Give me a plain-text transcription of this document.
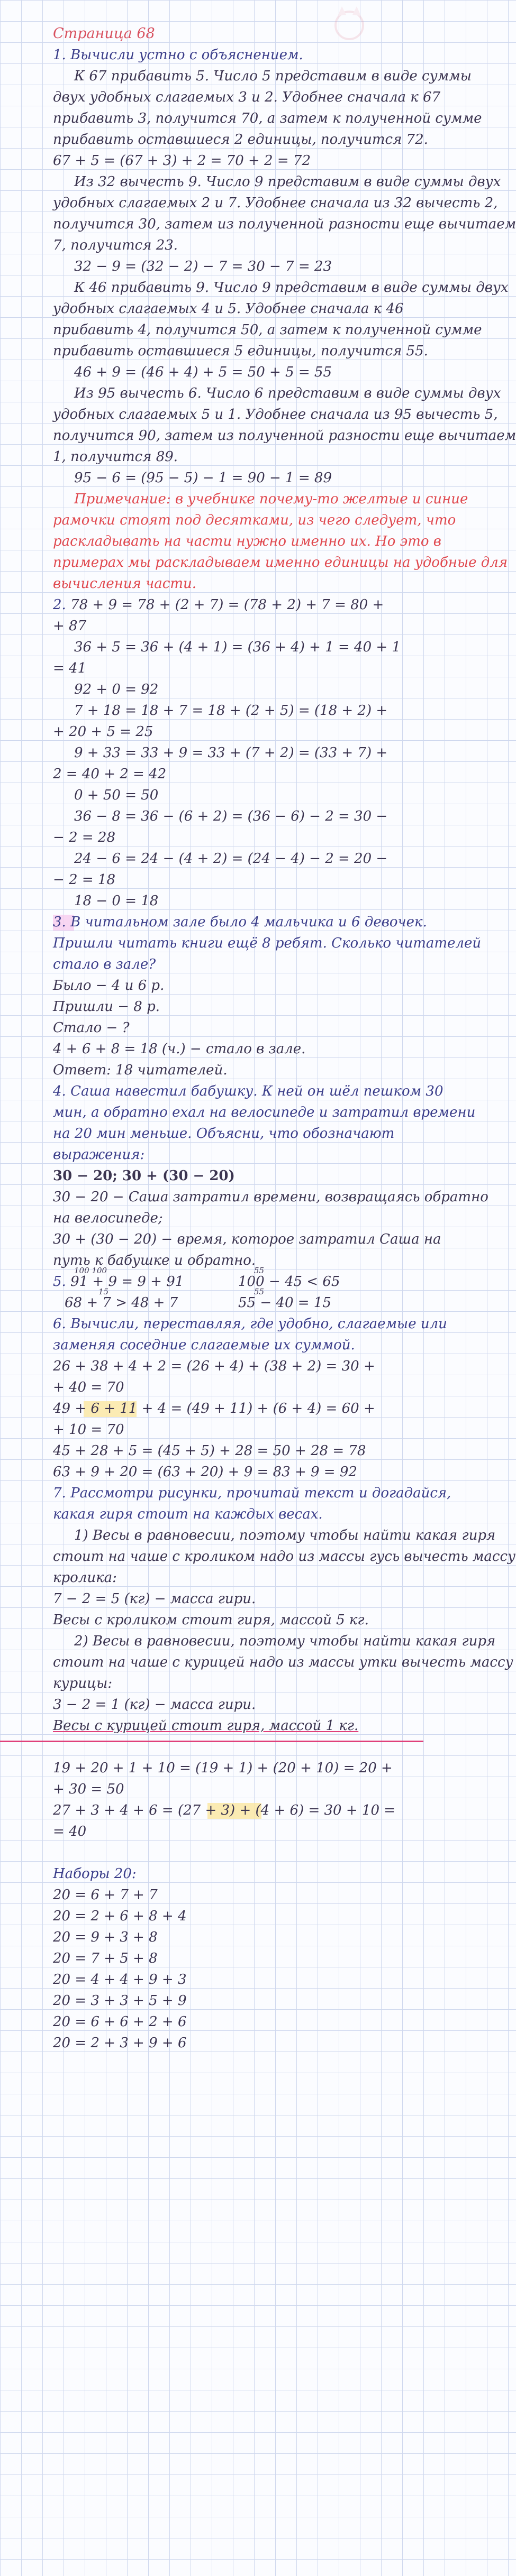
Страница 68
1. Вычисли устно с объяснением.
К 67 прибавить 5. Число 5 представим в виде суммы
двух удобных слагаемых 3 и 2. Удобнее сначала к 67
прибавить 3, получится 70, а затем к полученной сумме
прибавить оставшиеся 2 единицы, получится 72.
67 + 5 = (67 + 3) + 2 = 70 + 2 = 72
Из 32 вычесть 9. Число 9 представим в виде суммы двух
удобных слагаемых 2 и 7. Удобнее сначала из 32 вычесть 2,
получится 30, затем из полученной разности еще вычитаем
7, получится 23.
32 − 9 = (32 − 2) − 7 = 30 − 7 = 23
К 46 прибавить 9. Число 9 представим в виде суммы двух
удобных слагаемых 4 и 5. Удобнее сначала к 46
прибавить 4, получится 50, а затем к полученной сумме
прибавить оставшиеся 5 единицы, получится 55.
46 + 9 = (46 + 4) + 5 = 50 + 5 = 55
Из 95 вычесть 6. Число 6 представим в виде суммы двух
удобных слагаемых 5 и 1. Удобнее сначала из 95 вычесть 5,
получится 90, затем из полученной разности еще вычитаем
1, получится 89.
95 − 6 = (95 − 5) − 1 = 90 − 1 = 89
Примечание: в учебнике почему-то желтые и синие
рамочки стоят под десятками, из чего следует, что
раскладывать на части нужно именно их. Но это в
примерах мы раскладываем именно единицы на удобные для
вычисления части.
2. 78 + 9 = 78 + (2 + 7) = (78 + 2) + 7 = 80 +
+ 87
36 + 5 = 36 + (4 + 1) = (36 + 4) + 1 = 40 + 1
= 41
92 + 0 = 92
7 + 18 = 18 + 7 = 18 + (2 + 5) = (18 + 2) +
+ 20 + 5 = 25
9 + 33 = 33 + 9 = 33 + (7 + 2) = (33 + 7) +
2 = 40 + 2 = 42
0 + 50 = 50
36 − 8 = 36 − (6 + 2) = (36 − 6) − 2 = 30 −
− 2 = 28
24 − 6 = 24 − (4 + 2) = (24 − 4) − 2 = 20 −
− 2 = 18
18 − 0 = 18
3. В читальном зале было 4 мальчика и 6 девочек.
Пришли читать книги ещё 8 ребят. Сколько читателей
стало в зале?
Было − 4 и 6 р.
Пришли − 8 р.
Стало − ?
4 + 6 + 8 = 18 (ч.) − стало в зале.
Ответ: 18 читателей.
4. Саша навестил бабушку. К ней он шёл пешком 30
мин, а обратно ехал на велосипеде и затратил времени
на 20 мин меньше. Объясни, что обозначают
выражения:
30 − 20; 30 + (30 − 20)
30 − 20 − Саша затратил времени, возвращаясь обратно
на велосипеде;
30 + (30 − 20) − время, которое затратил Саша на
путь к бабушке и обратно.
100 100	55
5. 91 + 9 = 9 + 91	100 − 45 < 65
15	55
68 + 7 > 48 + 7	55 − 40 = 15
6. Вычисли, переставляя, где удобно, слагаемые или
заменяя соседние слагаемые их суммой.
26 + 38 + 4 + 2 = (26 + 4) + (38 + 2) = 30 +
+ 40 = 70
49 + 6 + 11 + 4 = (49 + 11) + (6 + 4) = 60 +
+ 10 = 70
45 + 28 + 5 = (45 + 5) + 28 = 50 + 28 = 78
63 + 9 + 20 = (63 + 20) + 9 = 83 + 9 = 92
7. Рассмотри рисунки, прочитай текст и догадайся,
какая гиря стоит на каждых весах.
1) Весы в равновесии, поэтому чтобы найти какая гиря
стоит на чаше с кроликом надо из массы гусь вычесть массу
кролика:
7 − 2 = 5 (кг) − масса гири.
Весы с кроликом стоит гиря, массой 5 кг.
2) Весы в равновесии, поэтому чтобы найти какая гиря
стоит на чаше с курицей надо из массы утки вычесть массу
курицы:
3 − 2 = 1 (кг) − масса гири.
Весы с курицей стоит гиря, массой 1 кг.
19 + 20 + 1 + 10 = (19 + 1) + (20 + 10) = 20 +
+ 30 = 50
27 + 3 + 4 + 6 = (27 + 3) + (4 + 6) = 30 + 10 =
= 40
Наборы 20:
20 = 6 + 7 + 7
20 = 2 + 6 + 8 + 4
20 = 9 + 3 + 8
20 = 7 + 5 + 8
20 = 4 + 4 + 9 + 3
20 = 3 + 3 + 5 + 9
20 = 6 + 6 + 2 + 6
20 = 2 + 3 + 9 + 6
